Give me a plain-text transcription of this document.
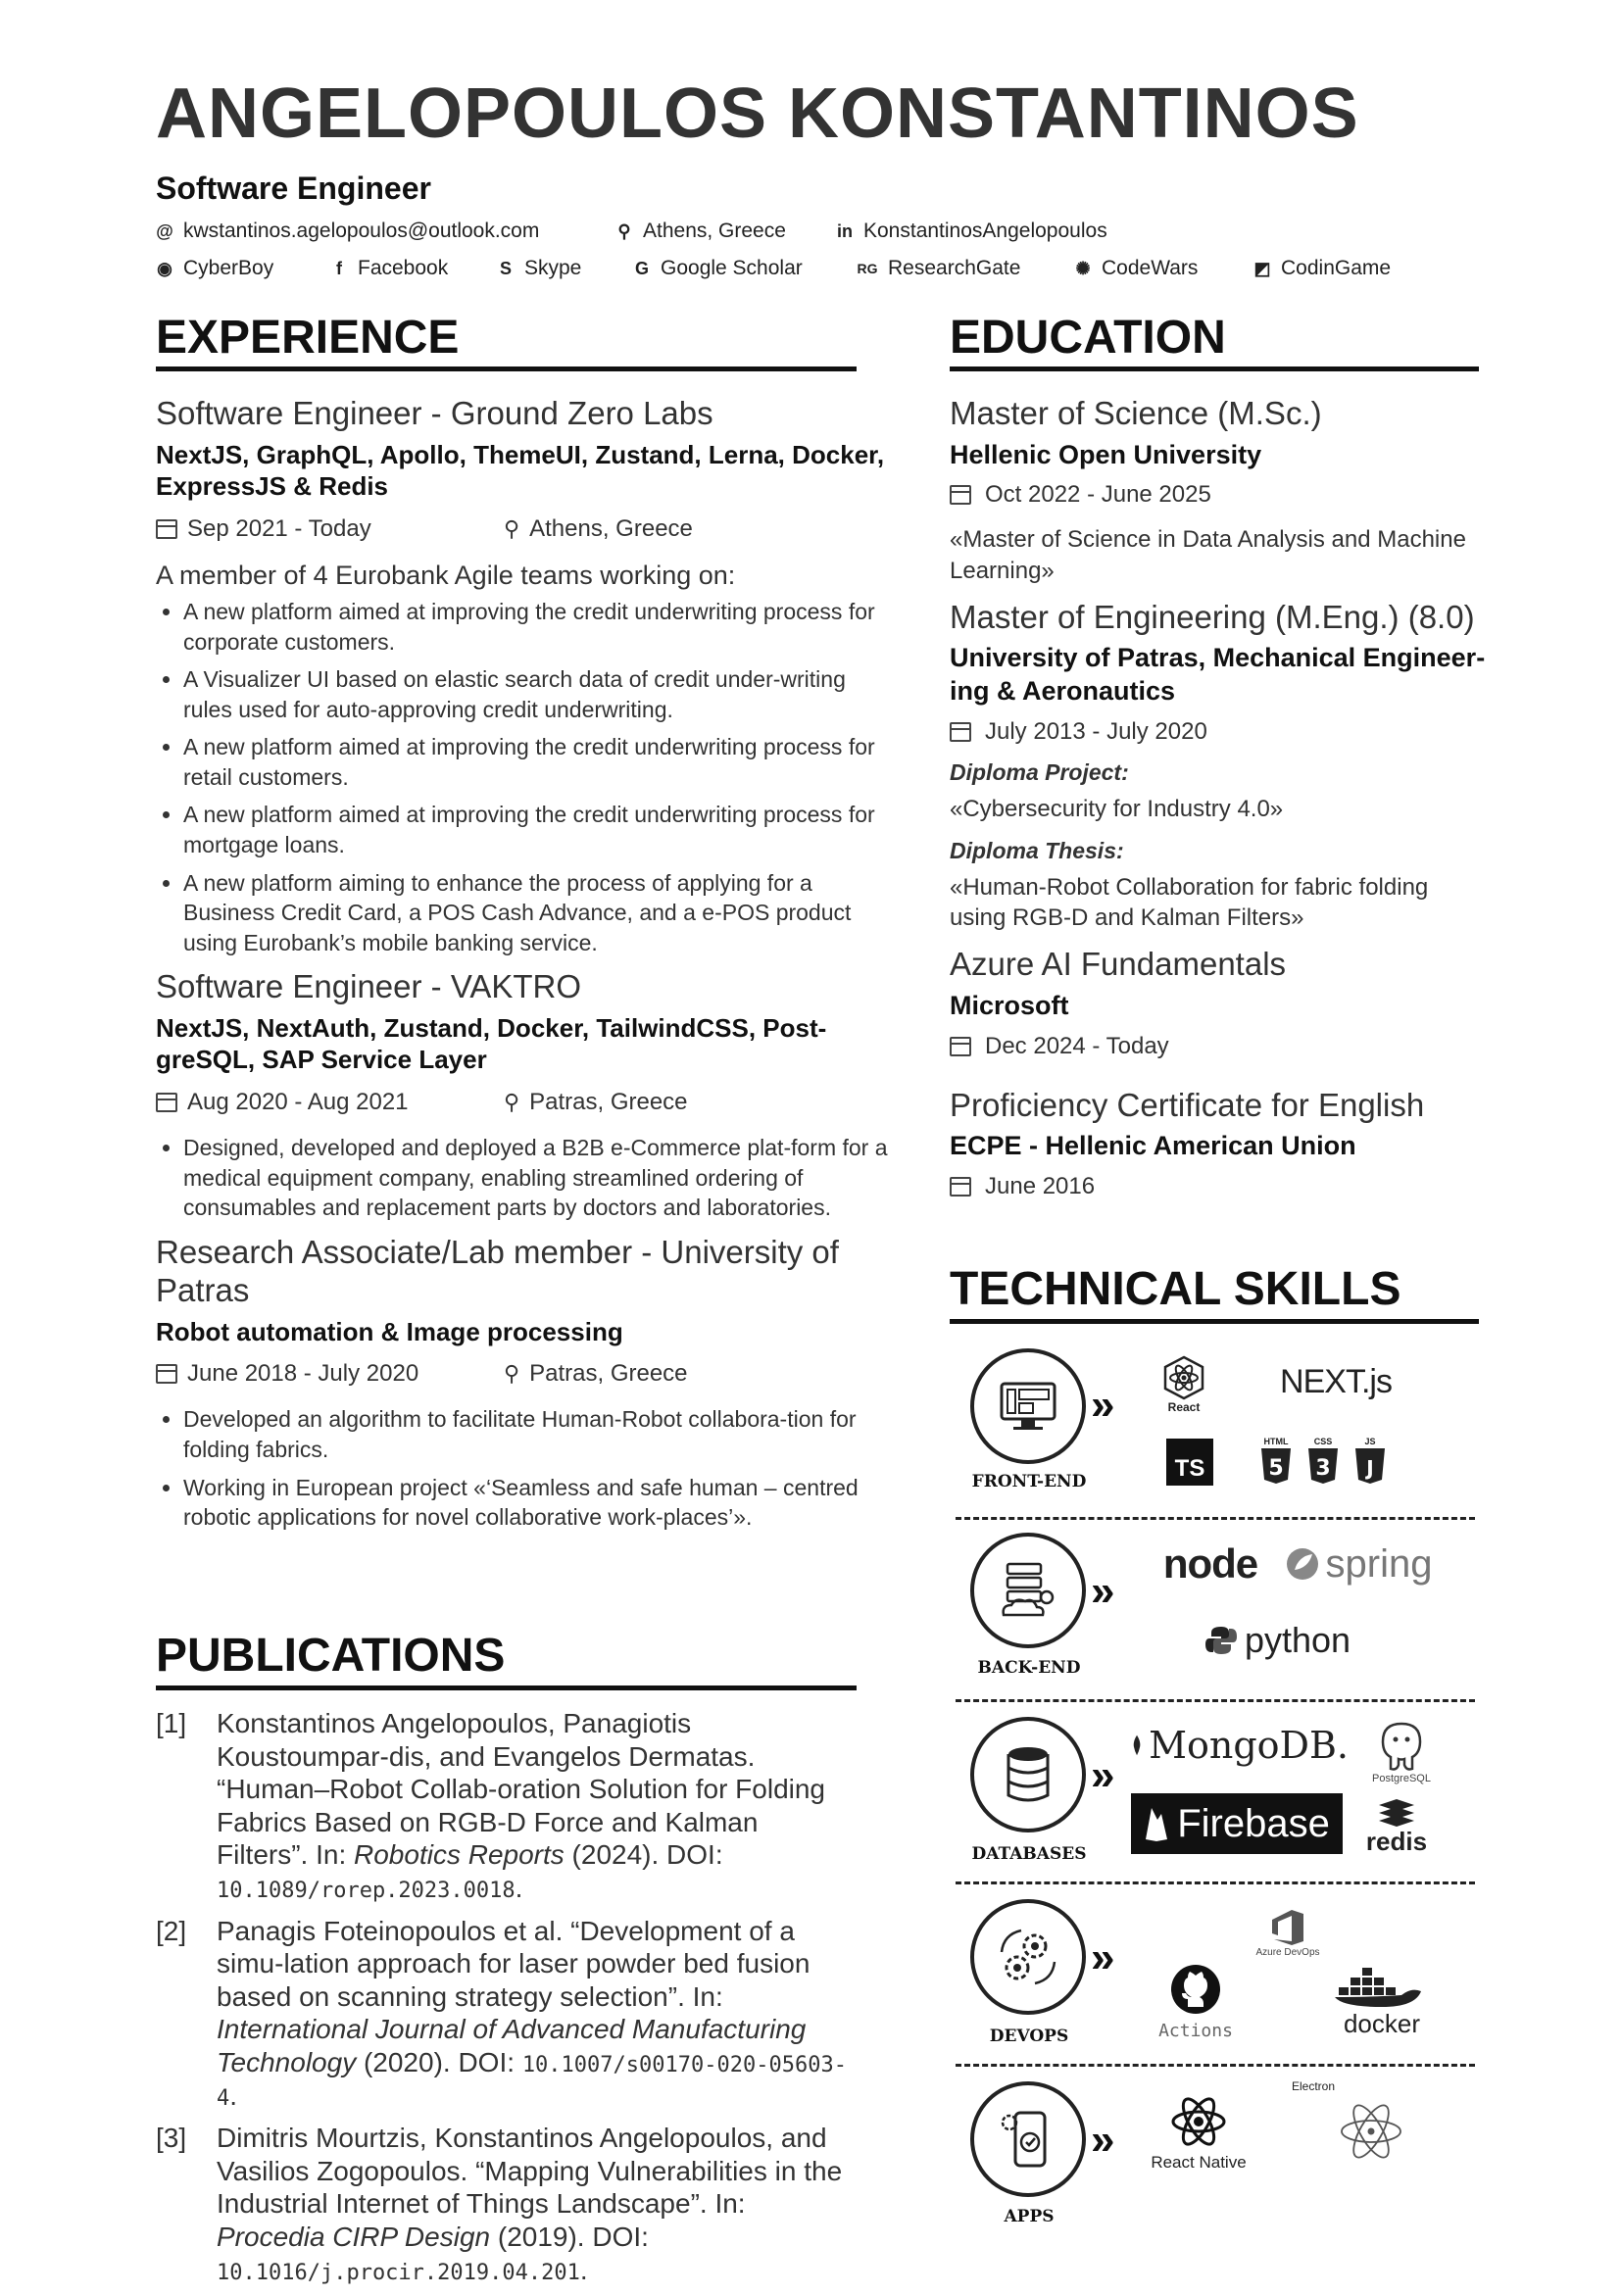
ANGELOPOULOS KONSTANTINOS
Software Engineer
@ kwstantinos.agelopoulos@outlook.com	⚲ Athens, Greece	in KonstantinosAngelopoulos
◉ CyberBoy	f Facebook	S Skype	G Google Scholar	RG ResearchGate	✺ CodeWars	◩ CodinGame
EXPERIENCE	EDUCATION
PUBLICATIONS
TECHNICAL SKILLS
Software Engineer - Ground Zero Labs
NextJS, GraphQL, Apollo, ThemeUI, Zustand, Lerna, Docker, ExpressJS & Redis
Sep 2021 - Today	⚲ Athens, Greece
A member of 4 Eurobank Agile teams working on:
• A new platform aimed at improving the credit underwriting process for corporate customers.
• A Visualizer UI based on elastic search data of credit under-writing rules used for auto-approving credit underwriting.
• A new platform aimed at improving the credit underwriting process for retail customers.
• A new platform aimed at improving the credit underwriting process for mortgage loans.
• A new platform aiming to enhance the process of applying for a Business Credit Card, a POS Cash Advance, and a e-POS product using Eurobank’s mobile banking service.
Software Engineer - VAKTRO
NextJS, NextAuth, Zustand, Docker, TailwindCSS, Post-greSQL, SAP Service Layer
Aug 2020 - Aug 2021	⚲ Patras, Greece
• Designed, developed and deployed a B2B e-Commerce plat-form for a medical equipment company, enabling streamlined ordering of consumables and replacement parts by doctors and laboratories.
Research Associate/Lab member - University of Patras
Robot automation & Image processing
June 2018 - July 2020	⚲ Patras, Greece
• Developed an algorithm to facilitate Human-Robot collabora-tion for folding fabrics.
• Working in European project «‘Seamless and safe human – centred robotic applications for novel collaborative work-places’».
[1]	Konstantinos Angelopoulos, Panagiotis Koustoumpar-dis, and Evangelos Dermatas. “Human–Robot Collab-oration Solution for Folding Fabrics Based on RGB-D Force and Kalman Filters”. In: Robotics Reports (2024). DOI: 10.1089/rorep.2023.0018.
[2]	Panagis Foteinopoulos et al. “Development of a simu-lation approach for laser powder bed fusion based on scanning strategy selection”. In: International Journal of Advanced Manufacturing Technology (2020). DOI: 10.1007/s00170-020-05603-4.
[3]	Dimitris Mourtzis, Konstantinos Angelopoulos, and Vasilios Zogopoulos. “Mapping Vulnerabilities in the Industrial Internet of Things Landscape”. In: Procedia CIRP Design (2019). DOI: 10.1016/j.procir.2019.04.201.
Master of Science (M.Sc.)
Hellenic Open University
Oct 2022 - June 2025
«Master of Science in Data Analysis and Machine Learning»
Master of Engineering (M.Eng.) (8.0)
University of Patras, Mechanical Engineer-ing & Aeronautics
July 2013 - July 2020
Diploma Project:
«Cybersecurity for Industry 4.0»
Diploma Thesis:
«Human-Robot Collaboration for fabric folding using RGB-D and Kalman Filters»
Azure AI Fundamentals
Microsoft
Dec 2024 - Today
Proficiency Certificate for English
ECPE - Hellenic American Union
June 2016
FRONT-END
»	React
NEXT.js
TS
HTML
5
CSS
3
JS
J
BACK-END
»
node spring
python
DATABASES
»
MongoDB.
PostgreSQL
Firebase redis
DEVOPS
»	Azure DevOps
Actions	docker
APPS
» React Native
Electron
